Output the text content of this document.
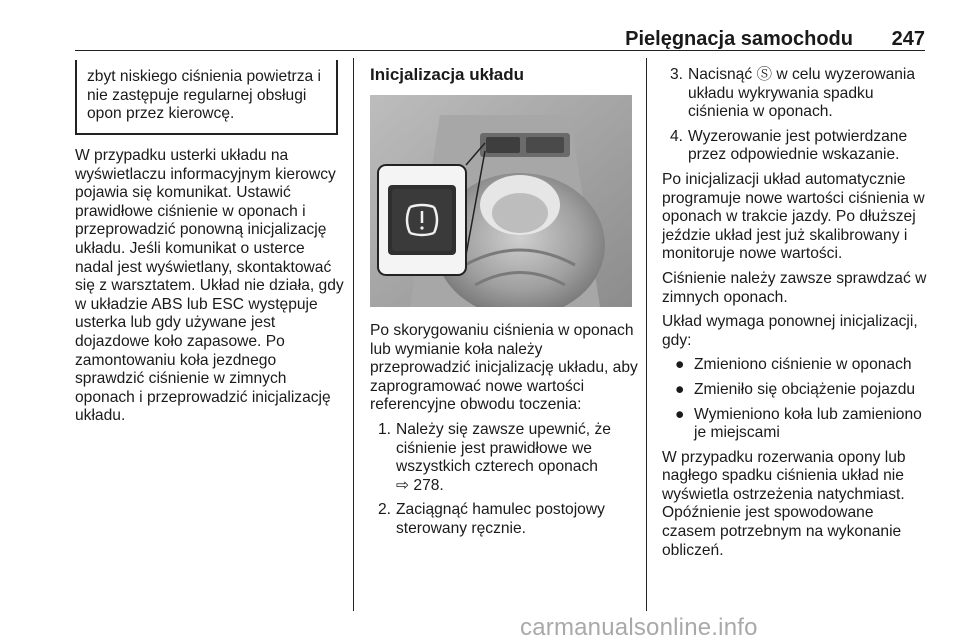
Pielęgnacja samochodu 247
zbyt niskiego ciśnienia powietrza i nie zastępuje regularnej obsługi opon przez kierowcę.

W przypadku usterki układu na wyświetlaczu informacyjnym kierowcy pojawia się komunikat. Ustawić prawidłowe ciśnienie w oponach i przeprowadzić ponowną inicjalizację układu. Jeśli komunikat o usterce nadal jest wyświetlany, skontaktować się z warsztatem. Układ nie działa, gdy w układzie ABS lub ESC występuje usterka lub gdy używane jest dojazdowe koło zapasowe. Po zamontowaniu koła jezdnego sprawdzić ciśnienie w zimnych oponach i przeprowadzić inicjalizację układu.

Inicjalizacja układu

Po skorygowaniu ciśnienia w oponach lub wymianie koła należy przeprowadzić inicjalizację układu, aby zaprogramować nowe wartości referencyjne obwodu toczenia:

1. Należy się zawsze upewnić, że ciśnienie jest prawidłowe we wszystkich czterech oponach
⇨ 278.
2. Zaciągnąć hamulec postojowy sterowany ręcznie.
3. Nacisnąć Ⓢ w celu wyzerowania układu wykrywania spadku ciśnienia w oponach.
4. Wyzerowanie jest potwierdzane przez odpowiednie wskazanie.

Po inicjalizacji układ automatycznie programuje nowe wartości ciśnienia w oponach w trakcie jazdy. Po dłuższej jeździe układ jest już skalibrowany i monitoruje nowe wartości.

Ciśnienie należy zawsze sprawdzać w zimnych oponach.

Układ wymaga ponownej inicjalizacji, gdy:

● Zmieniono ciśnienie w oponach
● Zmieniło się obciążenie pojazdu
● Wymieniono koła lub zamieniono je miejscami

W przypadku rozerwania opony lub nagłego spadku ciśnienia układ nie wyświetla ostrzeżenia natychmiast. Opóźnienie jest spowodowane czasem potrzebnym na wykonanie obliczeń.

carmanualsonline.info
